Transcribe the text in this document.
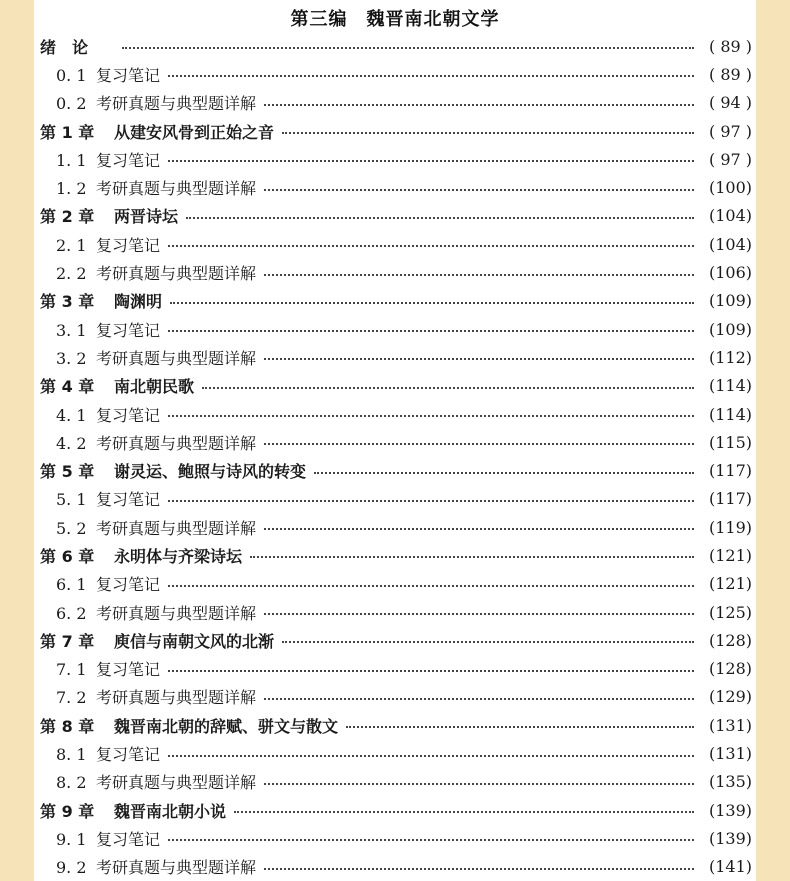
第三编　魏晋南北朝文学
绪　论	( 89 )
0. 1 复习笔记	( 89 )
0. 2 考研真题与典型题详解	( 94 )
第 1 章 从建安风骨到正始之音	( 97 )
1. 1 复习笔记	( 97 )
1. 2 考研真题与典型题详解	(100)
第 2 章 两晋诗坛	(104)
2. 1 复习笔记	(104)
2. 2 考研真题与典型题详解	(106)
第 3 章 陶渊明	(109)
3. 1 复习笔记	(109)
3. 2 考研真题与典型题详解	(112)
第 4 章 南北朝民歌	(114)
4. 1 复习笔记	(114)
4. 2 考研真题与典型题详解	(115)
第 5 章 谢灵运、鲍照与诗风的转变	(117)
5. 1 复习笔记	(117)
5. 2 考研真题与典型题详解	(119)
第 6 章 永明体与齐梁诗坛	(121)
6. 1 复习笔记	(121)
6. 2 考研真题与典型题详解	(125)
第 7 章 庾信与南朝文风的北渐	(128)
7. 1 复习笔记	(128)
7. 2 考研真题与典型题详解	(129)
第 8 章 魏晋南北朝的辞赋、骈文与散文	(131)
8. 1 复习笔记	(131)
8. 2 考研真题与典型题详解	(135)
第 9 章 魏晋南北朝小说	(139)
9. 1 复习笔记	(139)
9. 2 考研真题与典型题详解	(141)
